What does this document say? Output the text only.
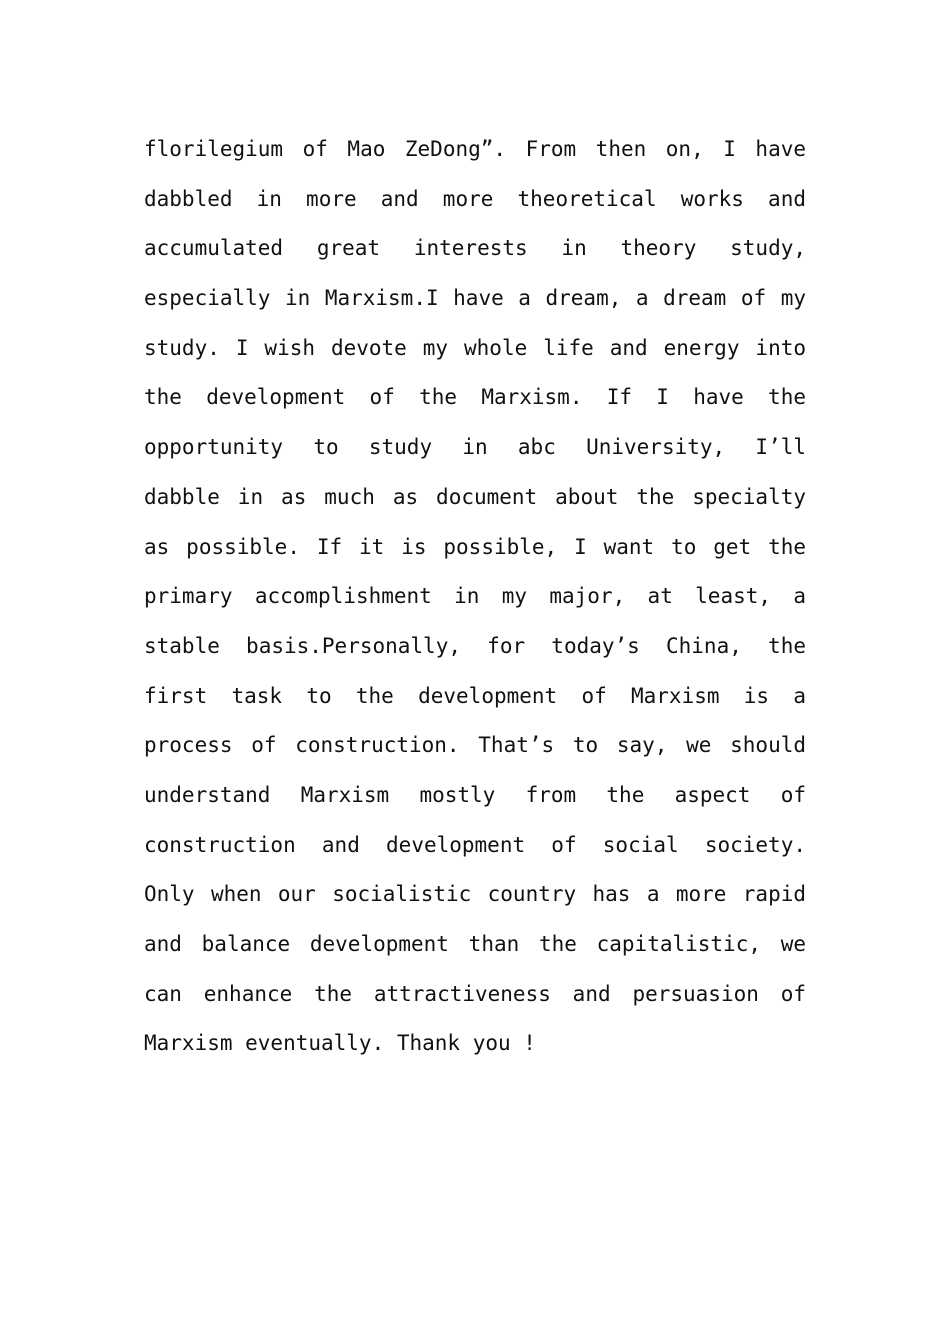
florilegium of Mao ZeDong”. From then on, I have
dabbled in more and more theoretical works and
accumulated great interests in theory study,
especially in Marxism.I have a dream, a dream of my
study. I wish devote my whole life and energy into
the development of the Marxism. If I have the
opportunity to study in abc University, I’ll
dabble in as much as document about the specialty
as possible. If it is possible, I want to get the
primary accomplishment in my major, at least, a
stable basis.Personally, for today’s China, the
first task to the development of Marxism is a
process of construction. That’s to say, we should
understand Marxism mostly from the aspect of
construction and development of social society.
Only when our socialistic country has a more rapid
and balance development than the capitalistic, we
can enhance the attractiveness and persuasion of
Marxism eventually. Thank you !
